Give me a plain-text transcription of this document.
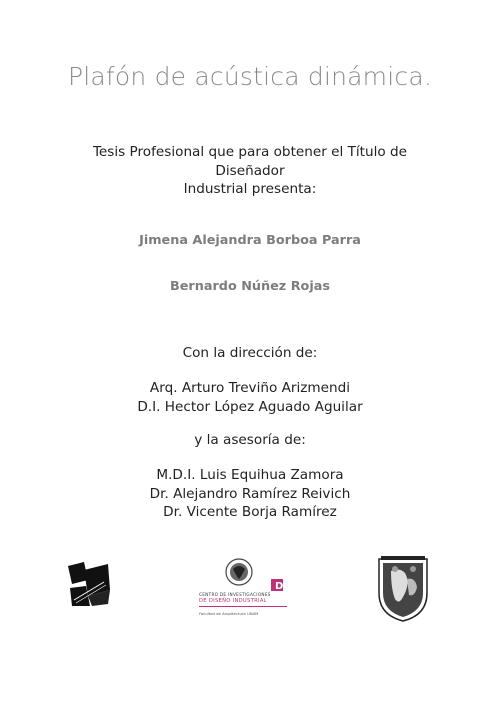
Plafón de acústica dinámica.
Tesis Profesional que para obtener el Título de
Diseñador
Industrial presenta:
Jimena Alejandra Borboa Parra
Bernardo Núñez Rojas
Con la dirección de:
Arq. Arturo Treviño Arizmendi
D.I. Hector López Aguado Aguilar
y la asesoría de:
M.D.I. Luis Equihua Zamora
Dr. Alejandro Ramírez Reivich
Dr. Vicente Borja Ramírez
D
CENTRO DE INVESTIGACIONES
DE DISEÑO INDUSTRIAL
Facultad de Arquitectura UNAM
